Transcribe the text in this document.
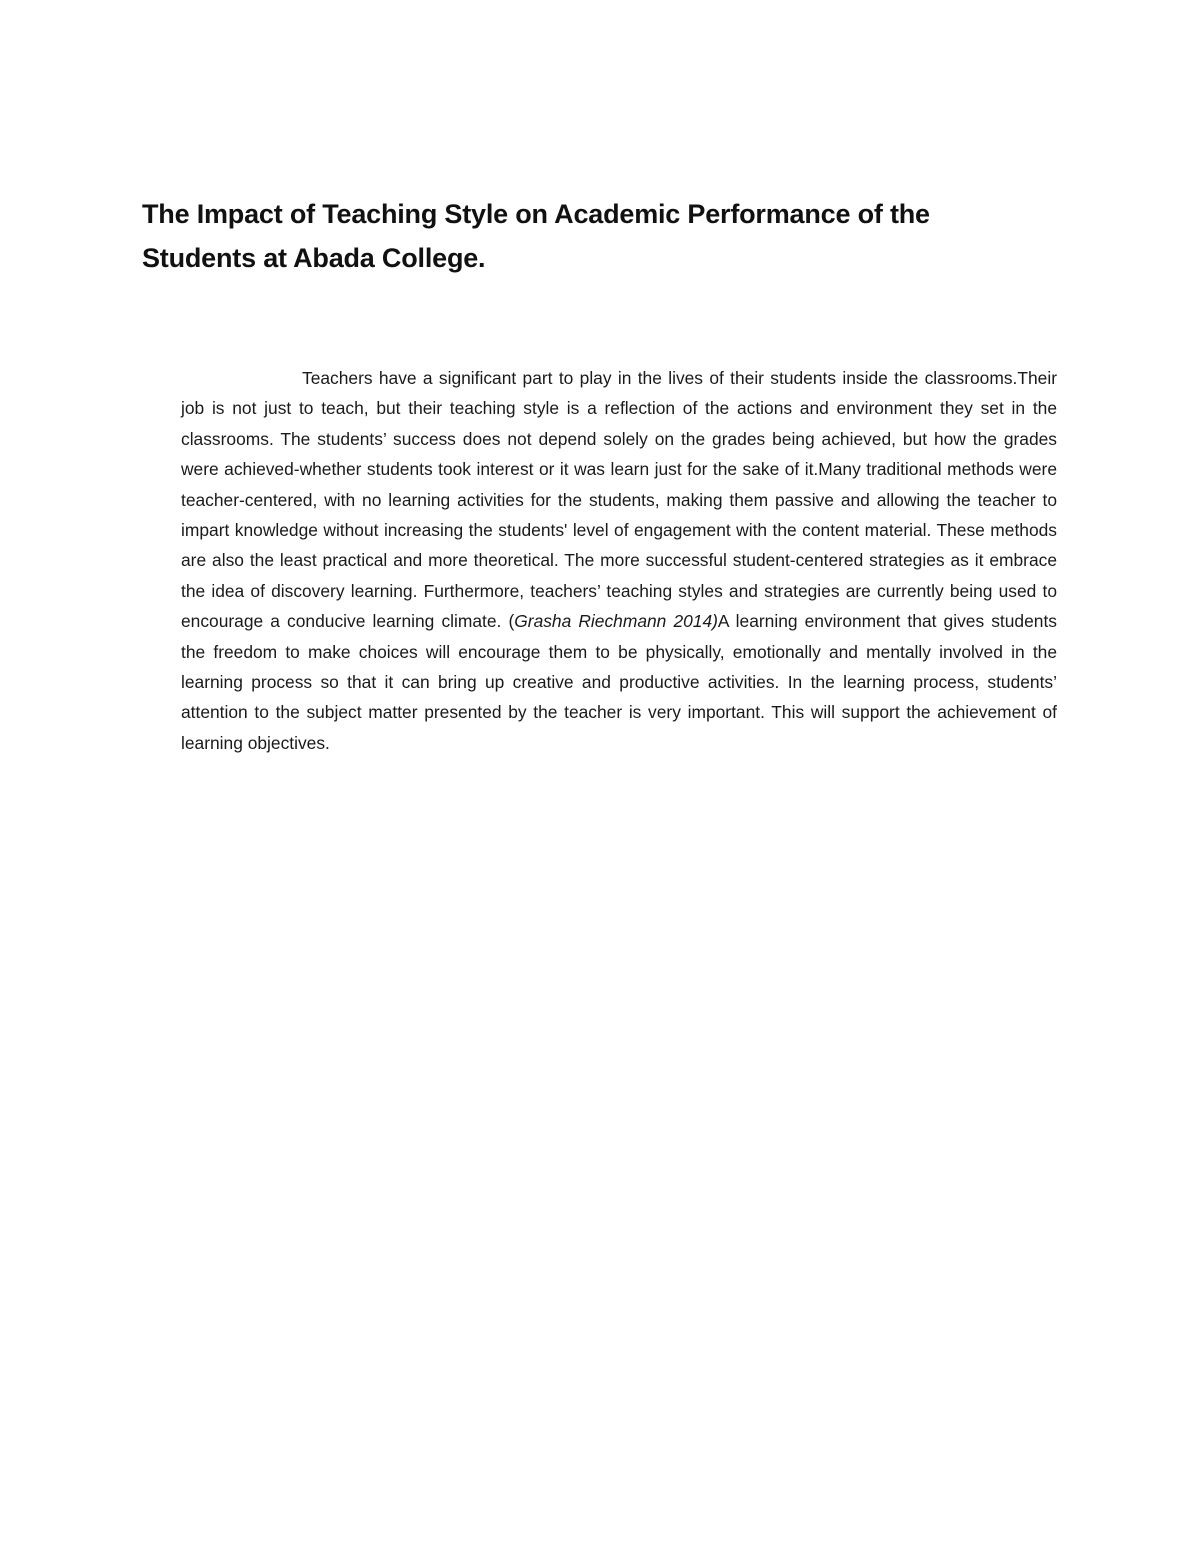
The Impact of Teaching Style on Academic Performance of the
Students at Abada College.

Teachers have a significant part to play in the lives of their students inside the classrooms.Their job is not just to teach, but their teaching style is a reflection of the actions and environment they set in the classrooms. The students’ success does not depend solely on the grades being achieved, but how the grades were achieved-whether students took interest or it was learn just for the sake of it.Many traditional methods were teacher-centered, with no learning activities for the students, making them passive and allowing the teacher to impart knowledge without increasing the students' level of engagement with the content material. These methods are also the least practical and more theoretical. The more successful student-centered strategies as it embrace the idea of discovery learning. Furthermore, teachers’ teaching styles and strategies are currently being used to encourage a conducive learning climate. (Grasha Riechmann 2014)A learning environment that gives students the freedom to make choices will encourage them to be physically, emotionally and mentally involved in the learning process so that it can bring up creative and productive activities. In the learning process, students’ attention to the subject matter presented by the teacher is very important. This will support the achievement of learning objectives.
